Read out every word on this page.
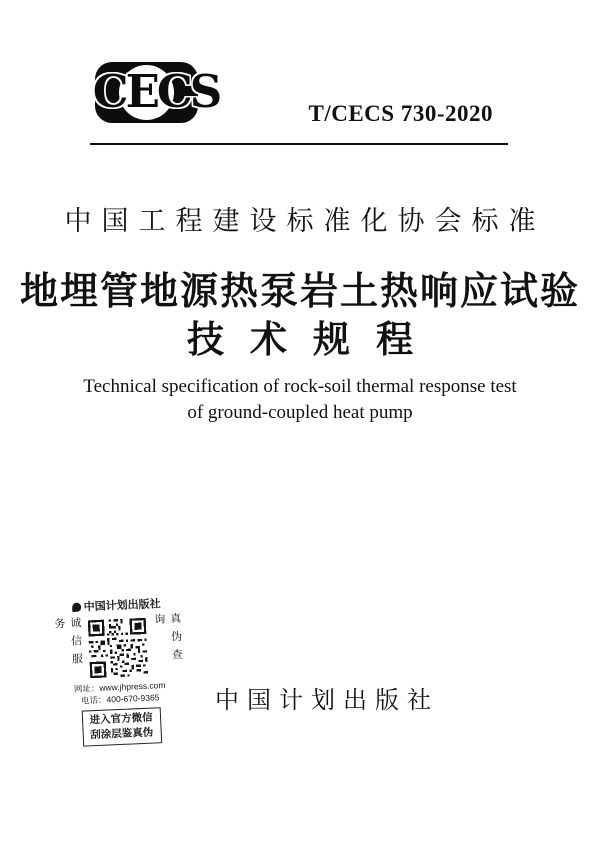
CECS	T/CECS 730-2020
中国工程建设标准化协会标准
地埋管地源热泵岩土热响应试验
技术规程
Technical specification of rock-soil thermal response test
of ground-coupled heat pump
中国计划出版社
诚信服务	真伪查询
网址：www.jhpress.com
电话：400-670-9365
进入官方微信
刮涂层鉴真伪
中国计划出版社
